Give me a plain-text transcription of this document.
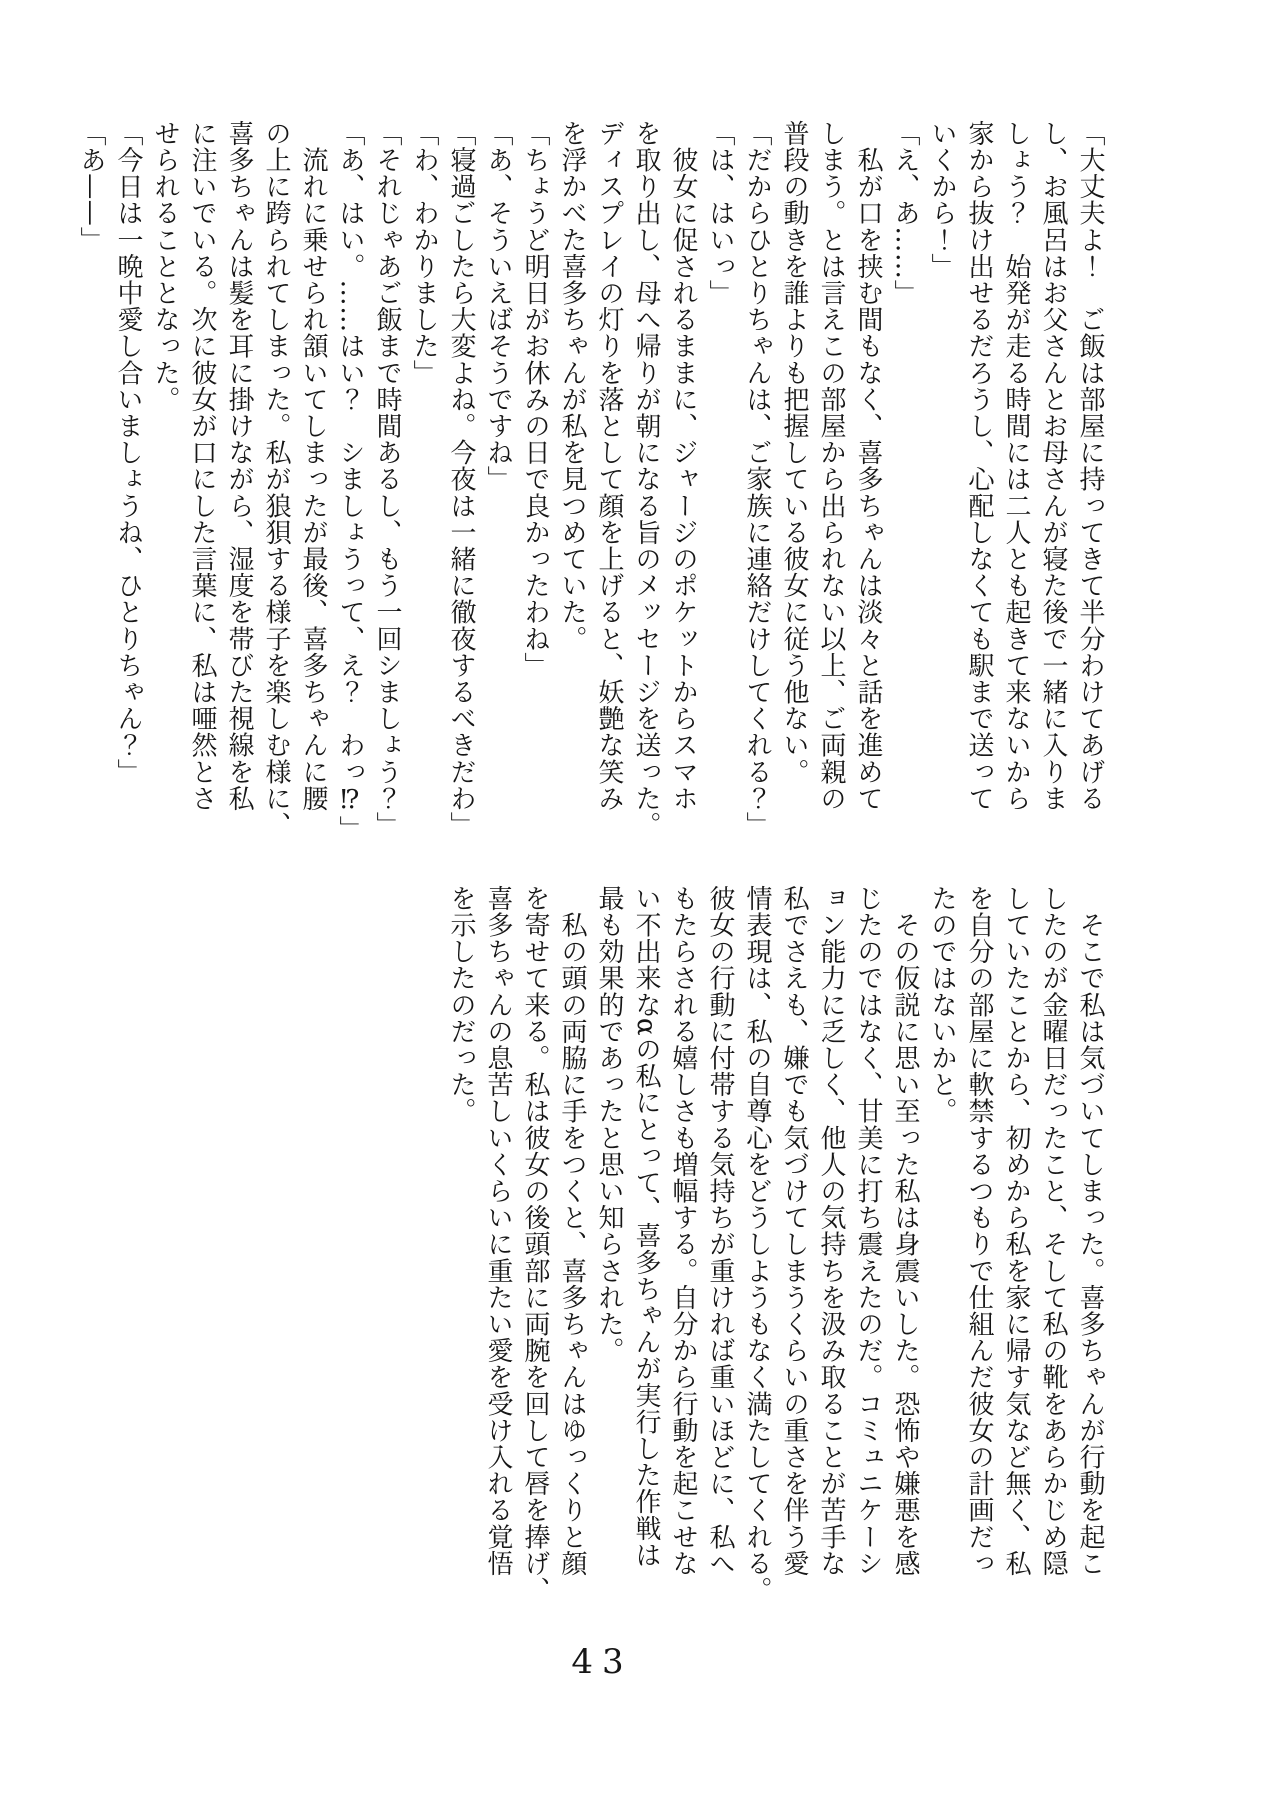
「大丈夫よ！　ご飯は部屋に持ってきて半分わけてあげる
し、お風呂はお父さんとお母さんが寝た後で一緒に入りま
しょう？　始発が走る時間には二人とも起きて来ないから
家から抜け出せるだろうし、心配しなくても駅まで送って
いくから！」
「え、あ……」
　私が口を挟む間もなく、喜多ちゃんは淡々と話を進めて
しまう。とは言えこの部屋から出られない以上、ご両親の
普段の動きを誰よりも把握している彼女に従う他ない。
「だからひとりちゃんは、ご家族に連絡だけしてくれる？」
「は、はいっ」
　彼女に促されるままに、ジャージのポケットからスマホ
を取り出し、母へ帰りが朝になる旨のメッセージを送った。
ディスプレイの灯りを落として顔を上げると、妖艶な笑み
を浮かべた喜多ちゃんが私を見つめていた。
「ちょうど明日がお休みの日で良かったわね」
「あ、そういえばそうですね」
「寝過ごしたら大変よね。今夜は一緒に徹夜するべきだわ」
「わ、わかりました」
「それじゃあご飯まで時間あるし、もう一回シましょう？」
「あ、はい。……はい？　シましょうって、え？　わっ⁉」
　流れに乗せられ頷いてしまったが最後、喜多ちゃんに腰
の上に跨られてしまった。私が狼狽する様子を楽しむ様に、
喜多ちゃんは髪を耳に掛けながら、湿度を帯びた視線を私
に注いでいる。次に彼女が口にした言葉に、私は唖然とさ
せられることとなった。
「今日は一晩中愛し合いましょうね、ひとりちゃん？」
「あ——」
　そこで私は気づいてしまった。喜多ちゃんが行動を起こ
したのが金曜日だったこと、そして私の靴をあらかじめ隠
していたことから、初めから私を家に帰す気など無く、私
を自分の部屋に軟禁するつもりで仕組んだ彼女の計画だっ
たのではないかと。
　その仮説に思い至った私は身震いした。恐怖や嫌悪を感
じたのではなく、甘美に打ち震えたのだ。コミュニケーシ
ョン能力に乏しく、他人の気持ちを汲み取ることが苦手な
私でさえも、嫌でも気づけてしまうくらいの重さを伴う愛
情表現は、私の自尊心をどうしようもなく満たしてくれる。
彼女の行動に付帯する気持ちが重ければ重いほどに、私へ
もたらされる嬉しさも増幅する。自分から行動を起こせな
い不出来なαの私にとって、喜多ちゃんが実行した作戦は
最も効果的であったと思い知らされた。
　私の頭の両脇に手をつくと、喜多ちゃんはゆっくりと顔
を寄せて来る。私は彼女の後頭部に両腕を回して唇を捧げ、
喜多ちゃんの息苦しいくらいに重たい愛を受け入れる覚悟
を示したのだった。
43
